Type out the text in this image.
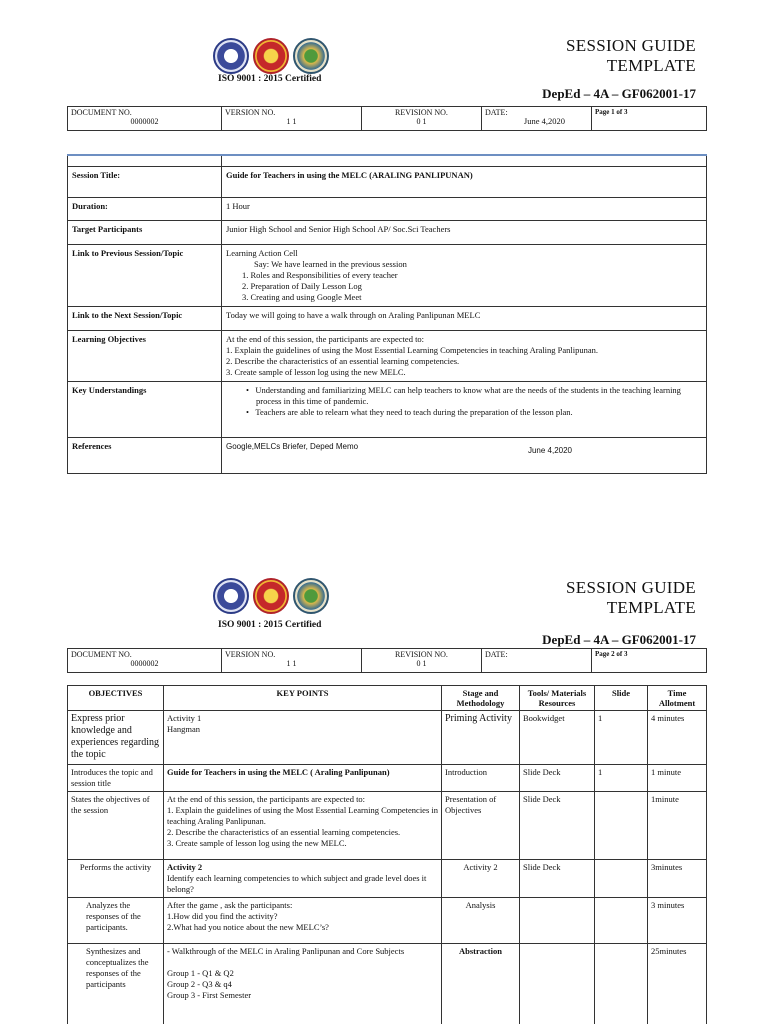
ISO 9001 : 2015 Certified
SESSION GUIDE
TEMPLATE
DepEd – 4A – GF062001-17
DOCUMENT NO.
0000002

VERSION NO.
1 1

REVISION NO.
0 1

DATE:
June 4,2020

Page 1 of 3

Session Title:	Guide for Teachers in using the MELC (ARALING PANLIPUNAN)
Duration:	1 Hour
Target Participants	Junior High School and Senior High School AP/ Soc.Sci Teachers
Link to Previous Session/Topic	Learning Action Cell
Say: We have learned in the previous session
1. Roles and Responsibilities of every teacher
2. Preparation of Daily Lesson Log
3. Creating and using Google Meet

Link to the Next Session/Topic	Today we will going to have a walk through on Araling Panlipunan MELC
Learning Objectives	At the end of this session, the participants are expected to:
1. Explain the guidelines of using the Most Essential Learning Competencies in teaching Araling Panlipunan.
2. Describe the characteristics of an essential learning competencies.
3. Create sample of lesson log using the new MELC.

Key Understandings	•   Understanding and familiarizing MELC can help teachers to know what are the needs of the students in the teaching learning process in this time of pandemic.
•   Teachers are able to relearn what they need to teach during the preparation of the lesson plan.

References	Google,MELCs Briefer, Deped Memo June 4,2020
ISO 9001 : 2015 Certified
SESSION GUIDE
TEMPLATE
DepEd – 4A – GF062001-17
DOCUMENT NO.
0000002

VERSION NO.
1 1

REVISION NO.
0 1

DATE:	Page 2 of 3
OBJECTIVES	KEY POINTS	Stage and Methodology	Tools/ Materials Resources	Slide	Time Allotment
Express prior knowledge and experiences regarding the topic	Activity 1
Hangman	Priming Activity	Bookwidget	1	4 minutes
Introduces the topic and session title	Guide for Teachers in using the MELC ( Araling Panlipunan)	Introduction	Slide Deck	1	1 minute
States the objectives of the session	At the end of this session, the participants are expected to:
1. Explain the guidelines of using the Most Essential Learning Competencies in teaching Araling Panlipunan.
2. Describe the characteristics of an essential learning competencies.
3. Create sample of lesson log using the new MELC.	Presentation of Objectives	Slide Deck		1minute
Performs the activity	Activity 2
Identify each learning competencies to which subject and grade level does it belong?	Activity 2	Slide Deck		3minutes
Analyzes the responses of the participants.	After the game , ask the participants:
1.How did you find the activity?
2.What had you notice about the new MELC’s?	Analysis			3 minutes
Synthesizes and conceptualizes the responses of the participants	- Walkthrough of the MELC in Araling Panlipunan and Core Subjects
Group 1 - Q1 & Q2
Group 2 - Q3 & q4
Group 3 - First Semester	Abstraction			25minutes
